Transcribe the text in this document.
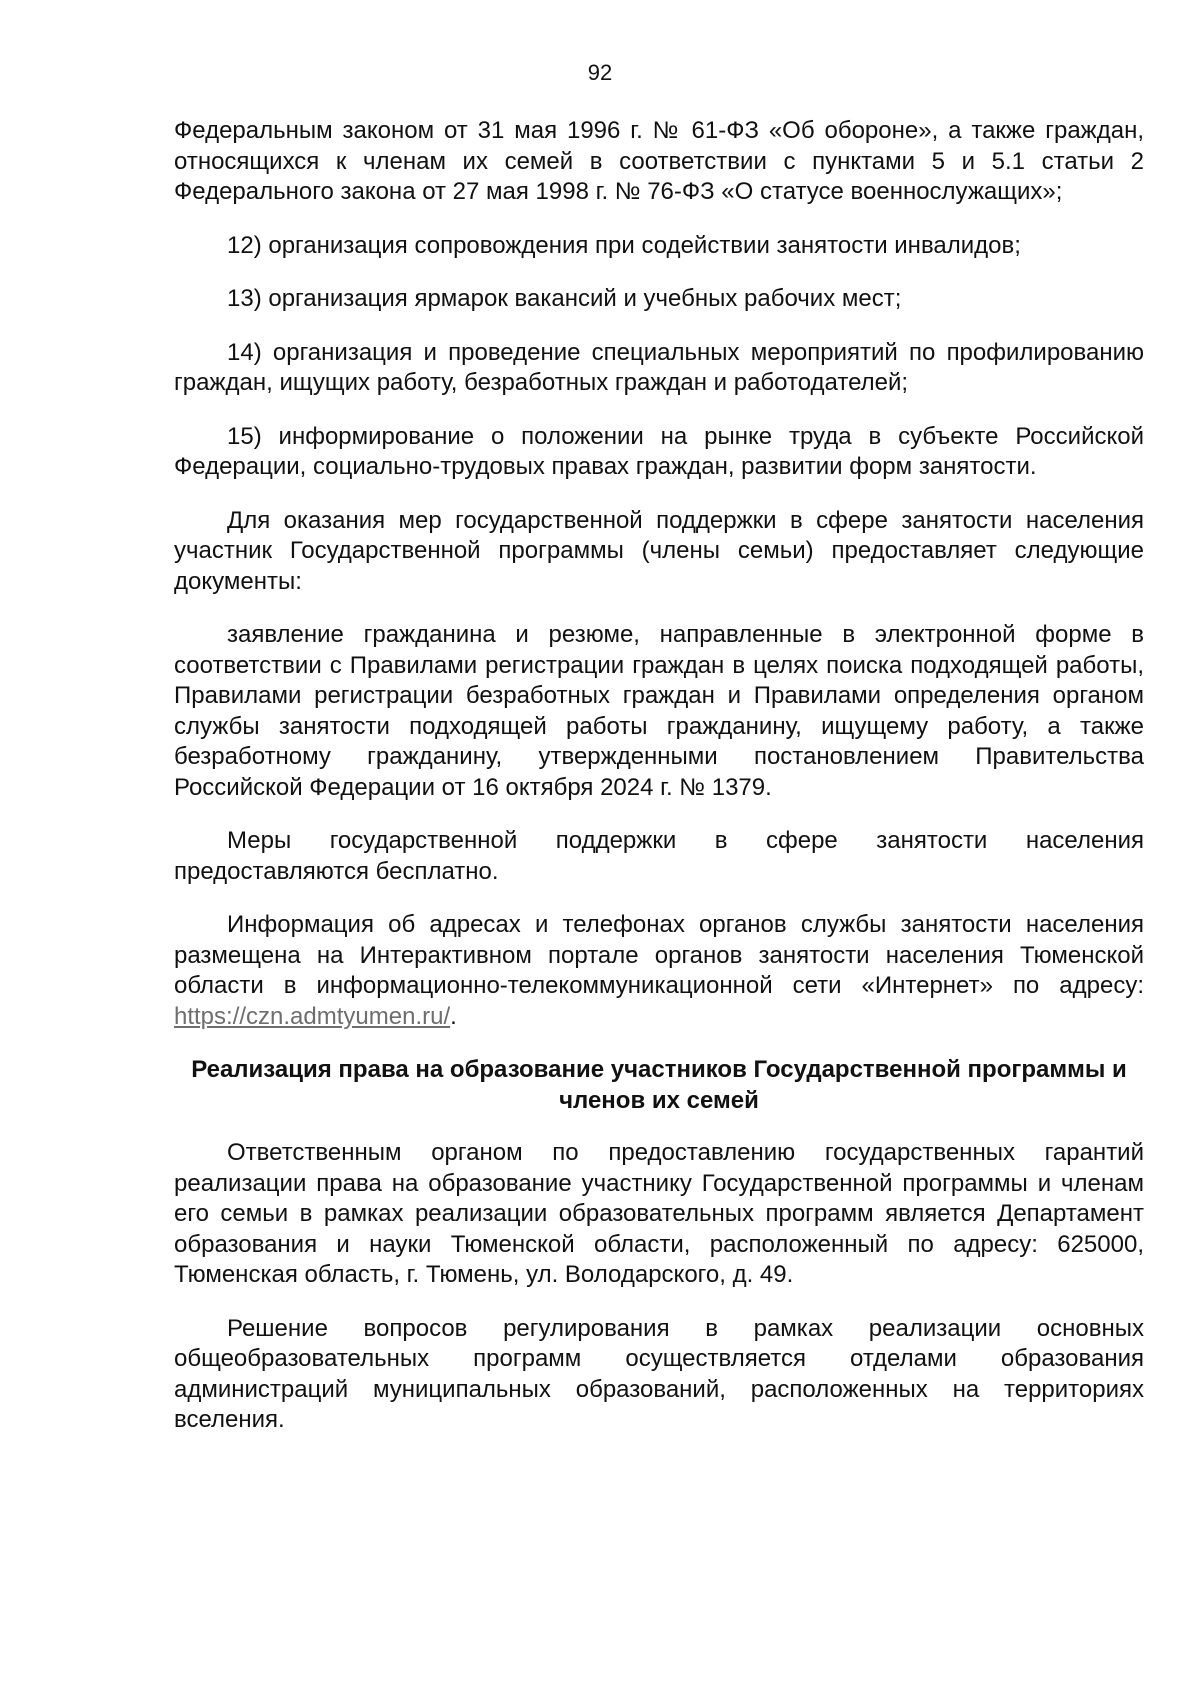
92

Федеральным законом от 31 мая 1996 г. № 61-ФЗ «Об обороне», а также граждан, относящихся к членам их семей в соответствии с пунктами 5 и 5.1 статьи 2 Федерального закона от 27 мая 1998 г. № 76-ФЗ «О статусе военнослужащих»;

12) организация сопровождения при содействии занятости инвалидов;

13) организация ярмарок вакансий и учебных рабочих мест;

14) организация и проведение специальных мероприятий по профилированию граждан, ищущих работу, безработных граждан и работодателей;

15) информирование о положении на рынке труда в субъекте Российской Федерации, социально-трудовых правах граждан, развитии форм занятости.

Для оказания мер государственной поддержки в сфере занятости населения участник Государственной программы (члены семьи) предоставляет следующие документы:

заявление гражданина и резюме, направленные в электронной форме в соответствии с Правилами регистрации граждан в целях поиска подходящей работы, Правилами регистрации безработных граждан и Правилами определения органом службы занятости подходящей работы гражданину, ищущему работу, а также безработному гражданину, утвержденными постановлением Правительства Российской Федерации от 16 октября 2024 г. № 1379.

Меры государственной поддержки в сфере занятости населения предоставляются бесплатно.

Информация об адресах и телефонах органов службы занятости населения размещена на Интерактивном портале органов занятости населения Тюменской области в информационно-телекоммуникационной сети «Интернет» по адресу: https://czn.admtyumen.ru/.

Реализация права на образование участников Государственной программы и членов их семей

Ответственным органом по предоставлению государственных гарантий реализации права на образование участнику Государственной программы и членам его семьи в рамках реализации образовательных программ является Департамент образования и науки Тюменской области, расположенный по адресу: 625000, Тюменская область, г. Тюмень, ул. Володарского, д. 49.

Решение вопросов регулирования в рамках реализации основных общеобразовательных программ осуществляется отделами образования администраций муниципальных образований, расположенных на территориях вселения.
